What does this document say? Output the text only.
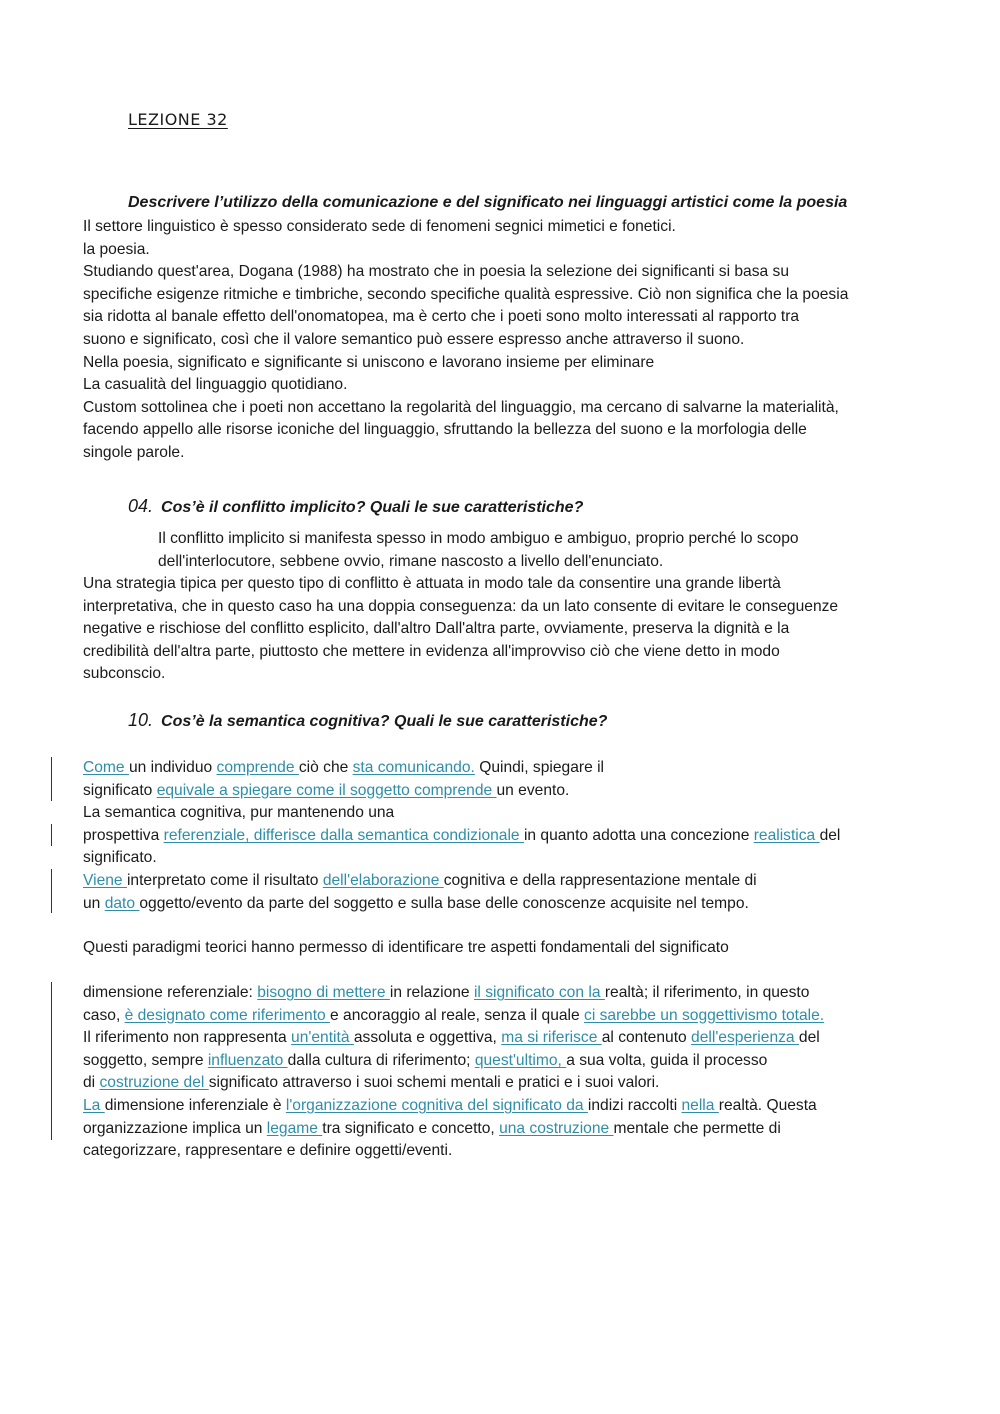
LEZIONE 32
Descrivere l’utilizzo della comunicazione e del significato nei linguaggi artistici come la poesia
Il settore linguistico è spesso considerato sede di fenomeni segnici mimetici e fonetici.
la poesia.
Studiando quest'area, Dogana (1988) ha mostrato che in poesia la selezione dei significanti si basa su
specifiche esigenze ritmiche e timbriche, secondo specifiche qualità espressive. Ciò non significa che la poesia
sia ridotta al banale effetto dell'onomatopea, ma è certo che i poeti sono molto interessati al rapporto tra
suono e significato, così che il valore semantico può essere espresso anche attraverso il suono.
Nella poesia, significato e significante si uniscono e lavorano insieme per eliminare
La casualità del linguaggio quotidiano.
Custom sottolinea che i poeti non accettano la regolarità del linguaggio, ma cercano di salvarne la materialità,
facendo appello alle risorse iconiche del linguaggio, sfruttando la bellezza del suono e la morfologia delle
singole parole.
04. Cos’è il conflitto implicito? Quali le sue caratteristiche?
Il conflitto implicito si manifesta spesso in modo ambiguo e ambiguo, proprio perché lo scopo
dell'interlocutore, sebbene ovvio, rimane nascosto a livello dell'enunciato.
Una strategia tipica per questo tipo di conflitto è attuata in modo tale da consentire una grande libertà
interpretativa, che in questo caso ha una doppia conseguenza: da un lato consente di evitare le conseguenze
negative e rischiose del conflitto esplicito, dall'altro Dall'altra parte, ovviamente, preserva la dignità e la
credibilità dell'altra parte, piuttosto che mettere in evidenza all'improvviso ciò che viene detto in modo
subconscio.
10. Cos’è la semantica cognitiva? Quali le sue caratteristiche?
Come un individuo comprende ciò che sta comunicando. Quindi, spiegare il
significato equivale a spiegare come il soggetto comprende un evento.
La semantica cognitiva, pur mantenendo una
prospettiva referenziale, differisce dalla semantica condizionale in quanto adotta una concezione realistica del
significato.
Viene interpretato come il risultato dell'elaborazione cognitiva e della rappresentazione mentale di
un dato oggetto/evento da parte del soggetto e sulla base delle conoscenze acquisite nel tempo.
Questi paradigmi teorici hanno permesso di identificare tre aspetti fondamentali del significato
dimensione referenziale: bisogno di mettere in relazione il significato con la realtà; il riferimento, in questo
caso, è designato come riferimento e ancoraggio al reale, senza il quale ci sarebbe un soggettivismo totale.
Il riferimento non rappresenta un'entità assoluta e oggettiva, ma si riferisce al contenuto dell'esperienza del
soggetto, sempre influenzato dalla cultura di riferimento; quest'ultimo, a sua volta, guida il processo
di costruzione del significato attraverso i suoi schemi mentali e pratici e i suoi valori.
La dimensione inferenziale è l'organizzazione cognitiva del significato da indizi raccolti nella realtà. Questa
organizzazione implica un legame tra significato e concetto, una costruzione mentale che permette di
categorizzare, rappresentare e definire oggetti/eventi.
